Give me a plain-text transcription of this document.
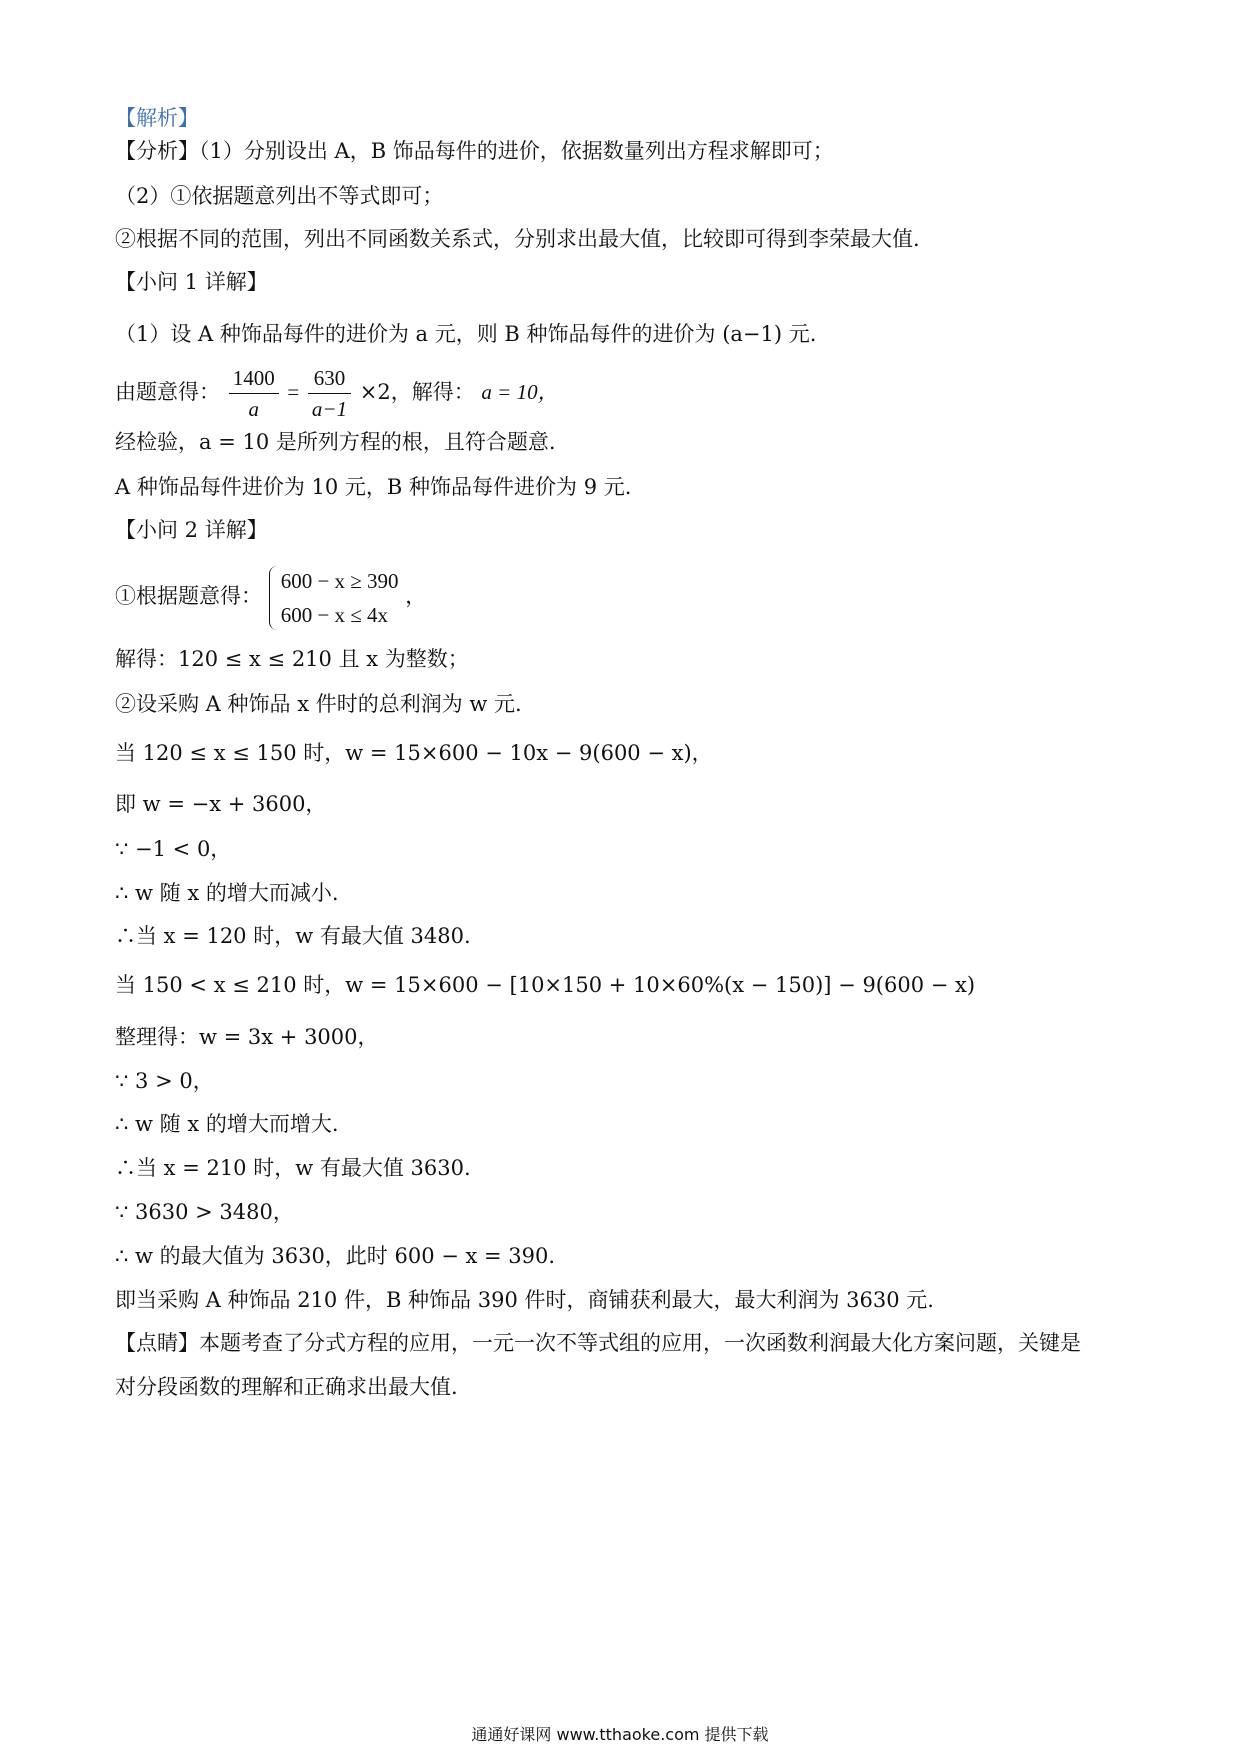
【解析】
【分析】（1）分别设出 A，B 饰品每件的进价，依据数量列出方程求解即可；
（2）①依据题意列出不等式即可；
②根据不同的范围，列出不同函数关系式，分别求出最大值，比较即可得到李荣最大值.
【小问 1 详解】
（1）设 A 种饰品每件的进价为 a 元，则 B 种饰品每件的进价为 (a−1) 元.
由题意得： $\frac{1400}{a} = \frac{630}{a-1} \times 2$，解得： a = 10，
经检验，a = 10 是所列方程的根，且符合题意.
A 种饰品每件进价为 10 元，B 种饰品每件进价为 9 元.
【小问 2 详解】
①根据题意得：
600 − x ≥ 390
600 − x ≤ 4x
，
解得：120 ≤ x ≤ 210 且 x 为整数；
②设采购 A 种饰品 x 件时的总利润为 w 元.
当 120 ≤ x ≤ 150 时，w = 15×600 − 10x − 9(600 − x)，
即 w = −x + 3600，
∵ −1 < 0，
∴ w 随 x 的增大而减小.
∴当 x = 120 时，w 有最大值 3480.
当 150 < x ≤ 210 时，w = 15×600 − [10×150 + 10×60%(x − 150)] − 9(600 − x)
整理得：w = 3x + 3000，
∵ 3 > 0，
∴ w 随 x 的增大而增大.
∴当 x = 210 时，w 有最大值 3630.
∵ 3630 > 3480，
∴ w 的最大值为 3630，此时 600 − x = 390.
即当采购 A 种饰品 210 件，B 种饰品 390 件时，商铺获利最大，最大利润为 3630 元.
【点睛】本题考查了分式方程的应用，一元一次不等式组的应用，一次函数利润最大化方案问题，关键是
对分段函数的理解和正确求出最大值.
通通好课网 www.tthaoke.com 提供下载
